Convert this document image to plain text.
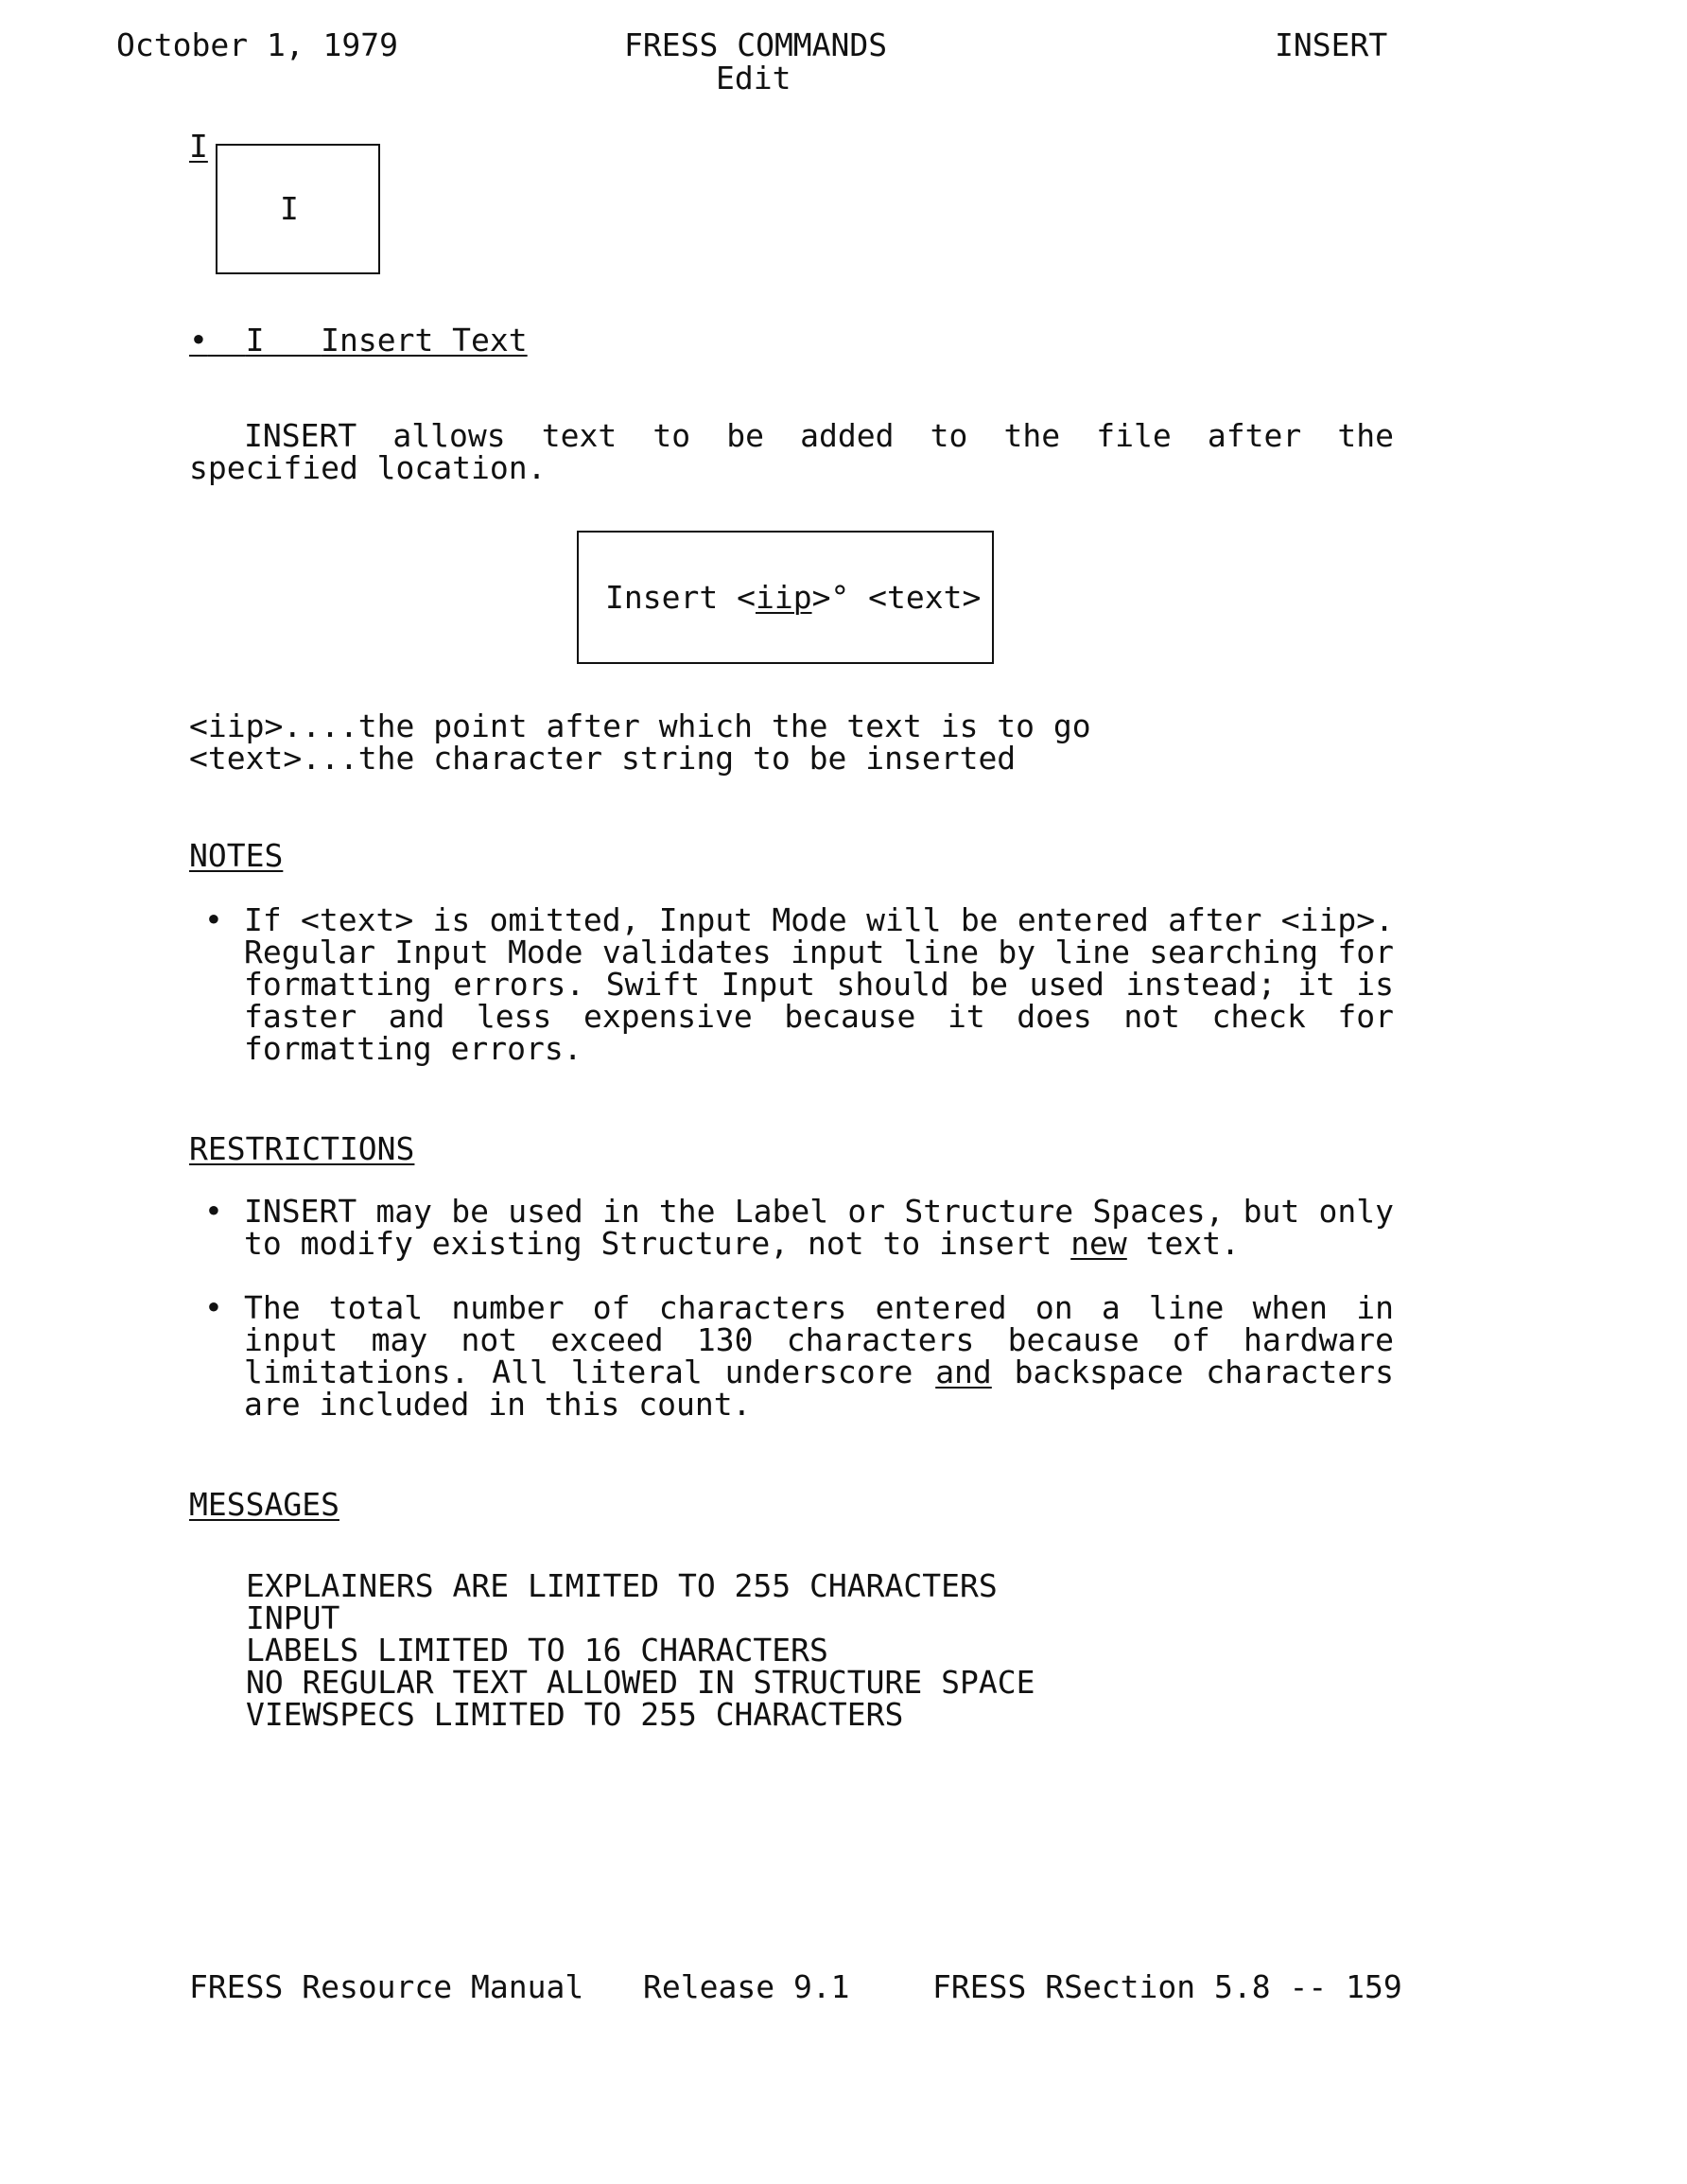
October 1, 1979	FRESS COMMANDS
Edit
INSERT
I
I
• I Insert Text

INSERT allows text to be added to the file after the specified location.

Insert <iip>° <text>
<iip>....the point after which the text is to go
<text>...the character string to be inserted
NOTES
• If <text> is omitted, Input Mode will be entered after <iip>. Regular Input Mode validates input line by line searching for formatting errors. Swift Input should be used instead; it is faster and less expensive because it does not check for formatting errors.
RESTRICTIONS
• INSERT may be used in the Label or Structure Spaces, but only to modify existing Structure, not to insert new text.
• The total number of characters entered on a line when in input may not exceed 130 characters because of hardware limitations. All literal underscore and backspace characters are included in this count.
MESSAGES
EXPLAINERS ARE LIMITED TO 255 CHARACTERS
INPUT
LABELS LIMITED TO 16 CHARACTERS
NO REGULAR TEXT ALLOWED IN STRUCTURE SPACE
VIEWSPECS LIMITED TO 255 CHARACTERS
FRESS Resource Manual Release 9.1	FRESS RSection 5.8 -- 159
